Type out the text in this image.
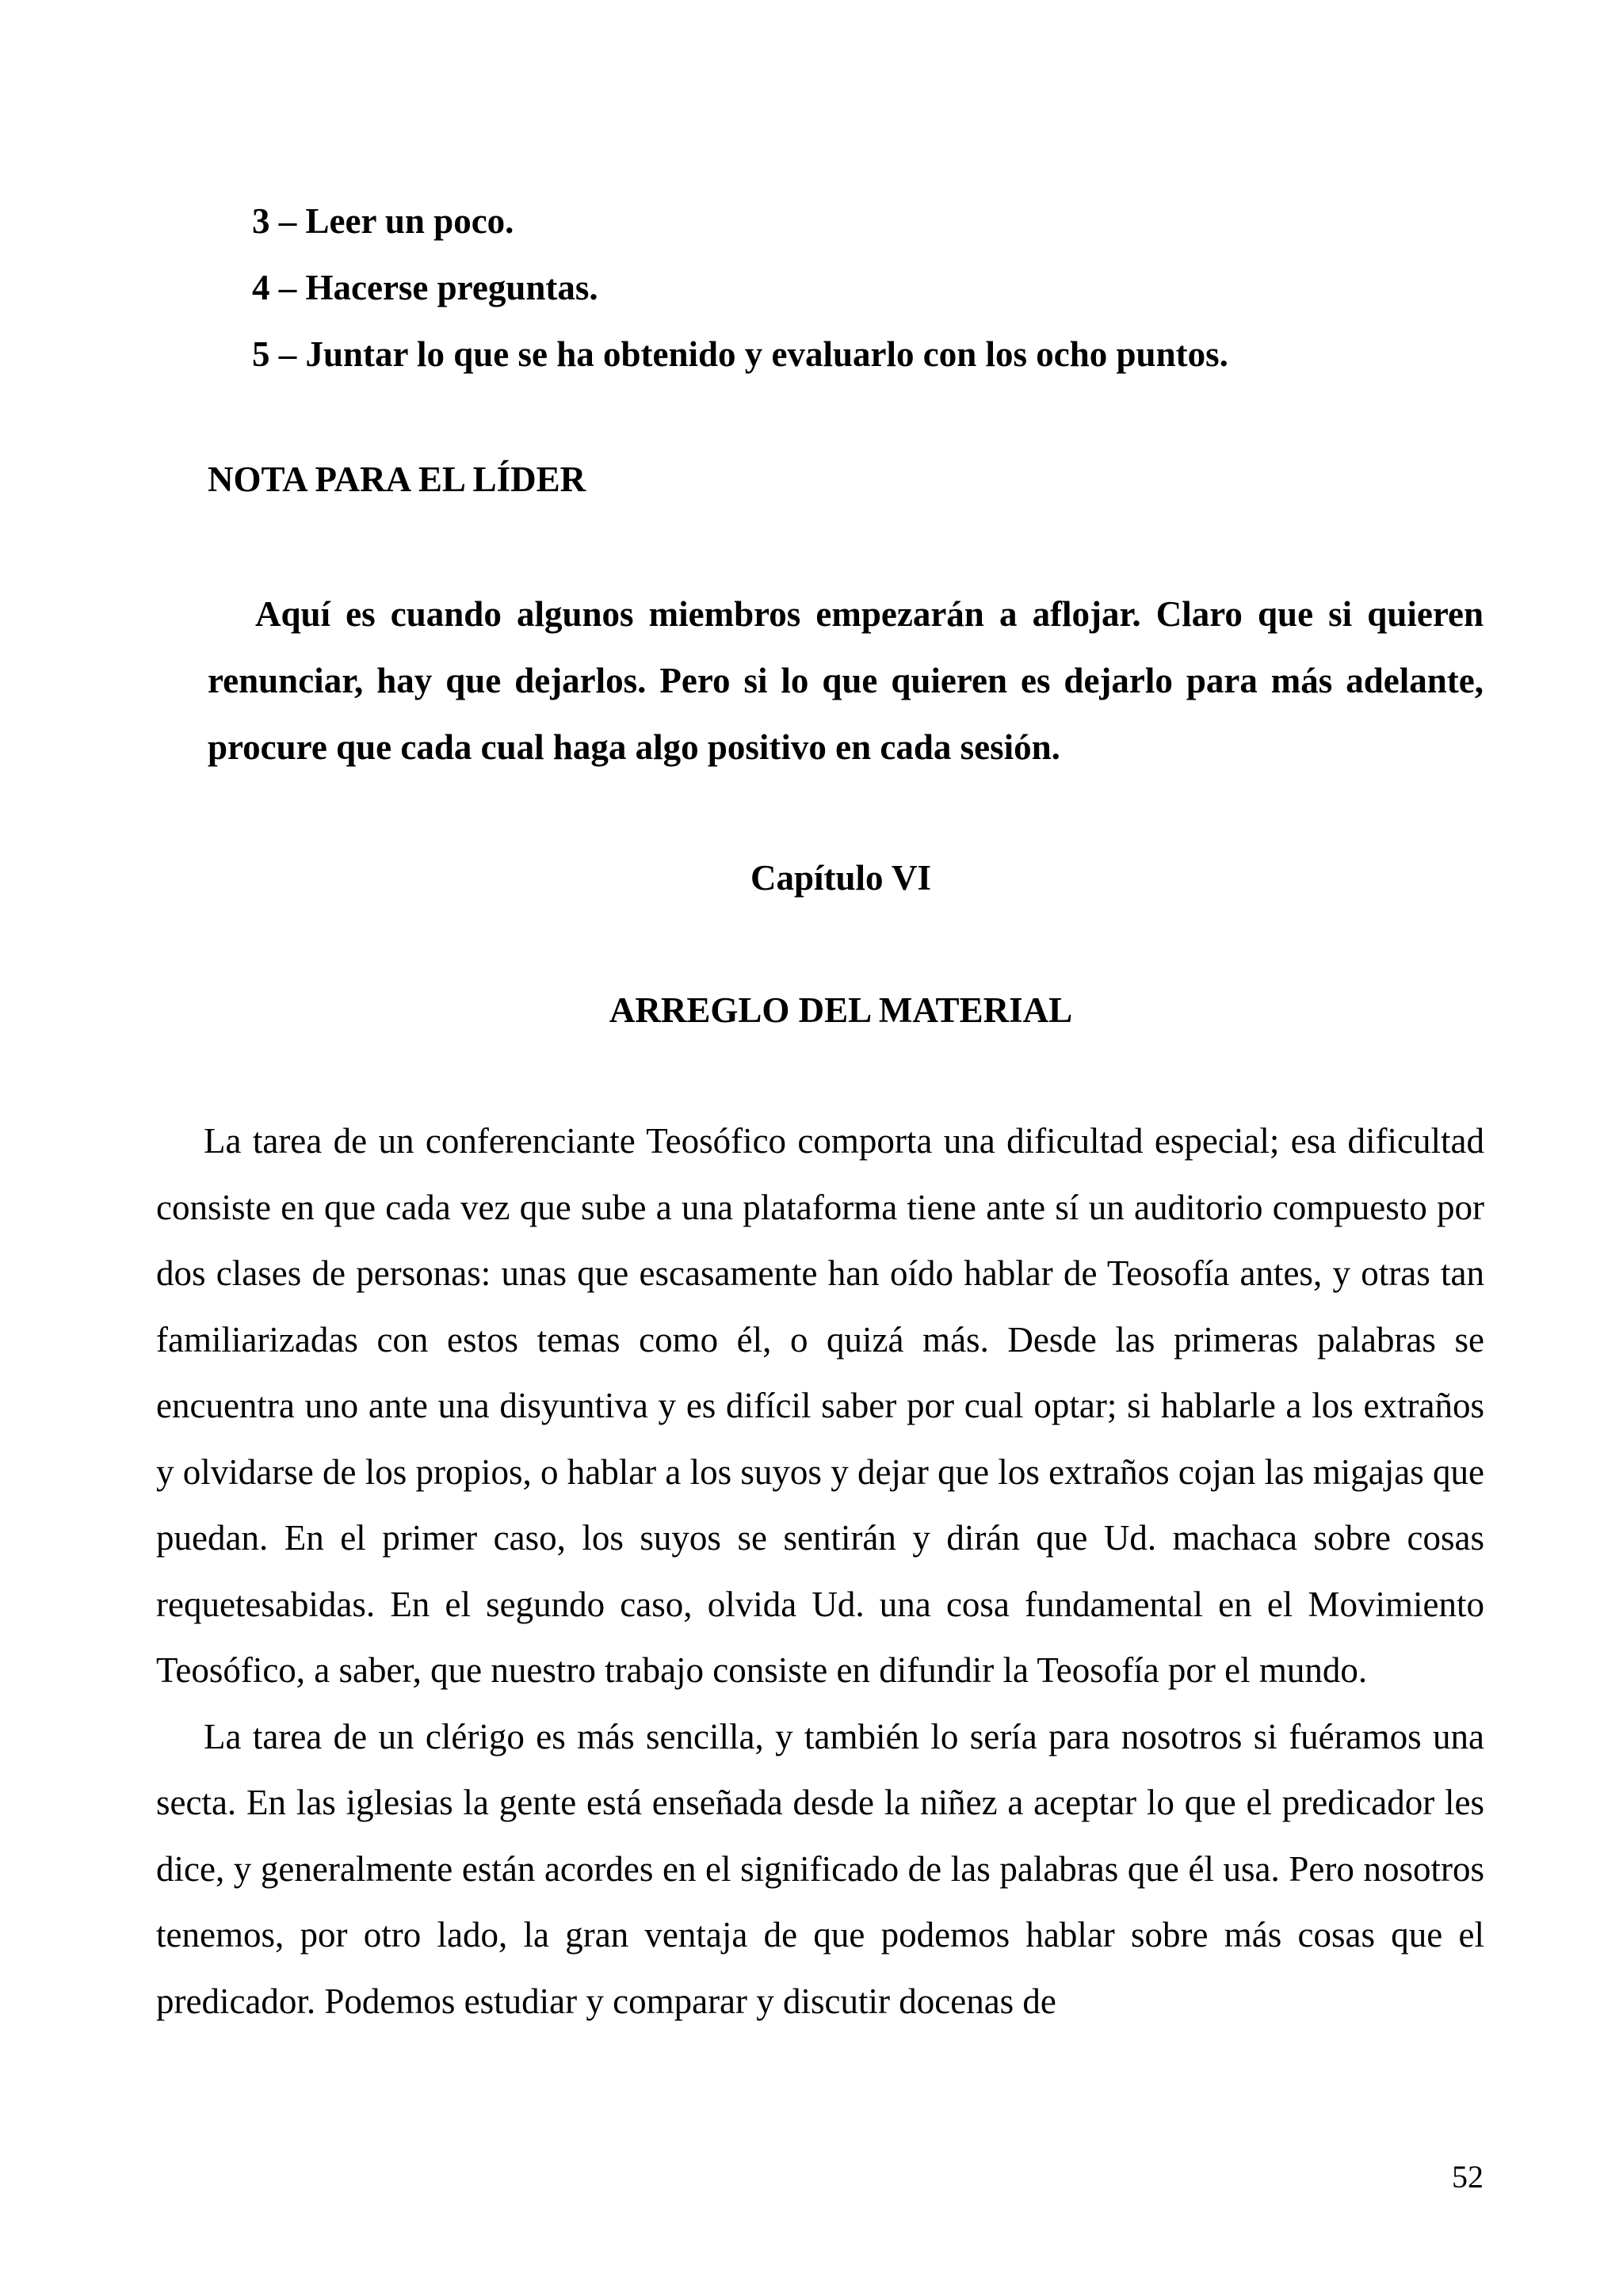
3 – Leer un poco.
4 – Hacerse preguntas.
5 – Juntar lo que se ha obtenido y evaluarlo con los ocho puntos.
NOTA PARA EL LÍDER

Aquí es cuando algunos miembros empezarán a aflojar. Claro que si quieren renunciar, hay que dejarlos. Pero si lo que quieren es dejarlo para más adelante, procure que cada cual haga algo positivo en cada sesión.

Capítulo VI
ARREGLO DEL MATERIAL

La tarea de un conferenciante Teosófico comporta una dificultad especial; esa dificultad consiste en que cada vez que sube a una plataforma tiene ante sí un auditorio compuesto por dos clases de personas: unas que escasamente han oído hablar de Teosofía antes, y otras tan familiarizadas con estos temas como él, o quizá más. Desde las primeras palabras se encuentra uno ante una disyuntiva y es difícil saber por cual optar; si hablarle a los extraños y olvidarse de los propios, o hablar a los suyos y dejar que los extraños cojan las migajas que puedan. En el primer caso, los suyos se sentirán y dirán que Ud. machaca sobre cosas requetesabidas. En el segundo caso, olvida Ud. una cosa fundamental en el Movimiento Teosófico, a saber, que nuestro trabajo consiste en difundir la Teosofía por el mundo.

La tarea de un clérigo es más sencilla, y también lo sería para nosotros si fuéramos una secta. En las iglesias la gente está enseñada desde la niñez a aceptar lo que el predicador les dice, y generalmente están acordes en el significado de las palabras que él usa. Pero nosotros tenemos, por otro lado, la gran ventaja de que podemos hablar sobre más cosas que el predicador. Podemos estudiar y comparar y discutir docenas de

52
